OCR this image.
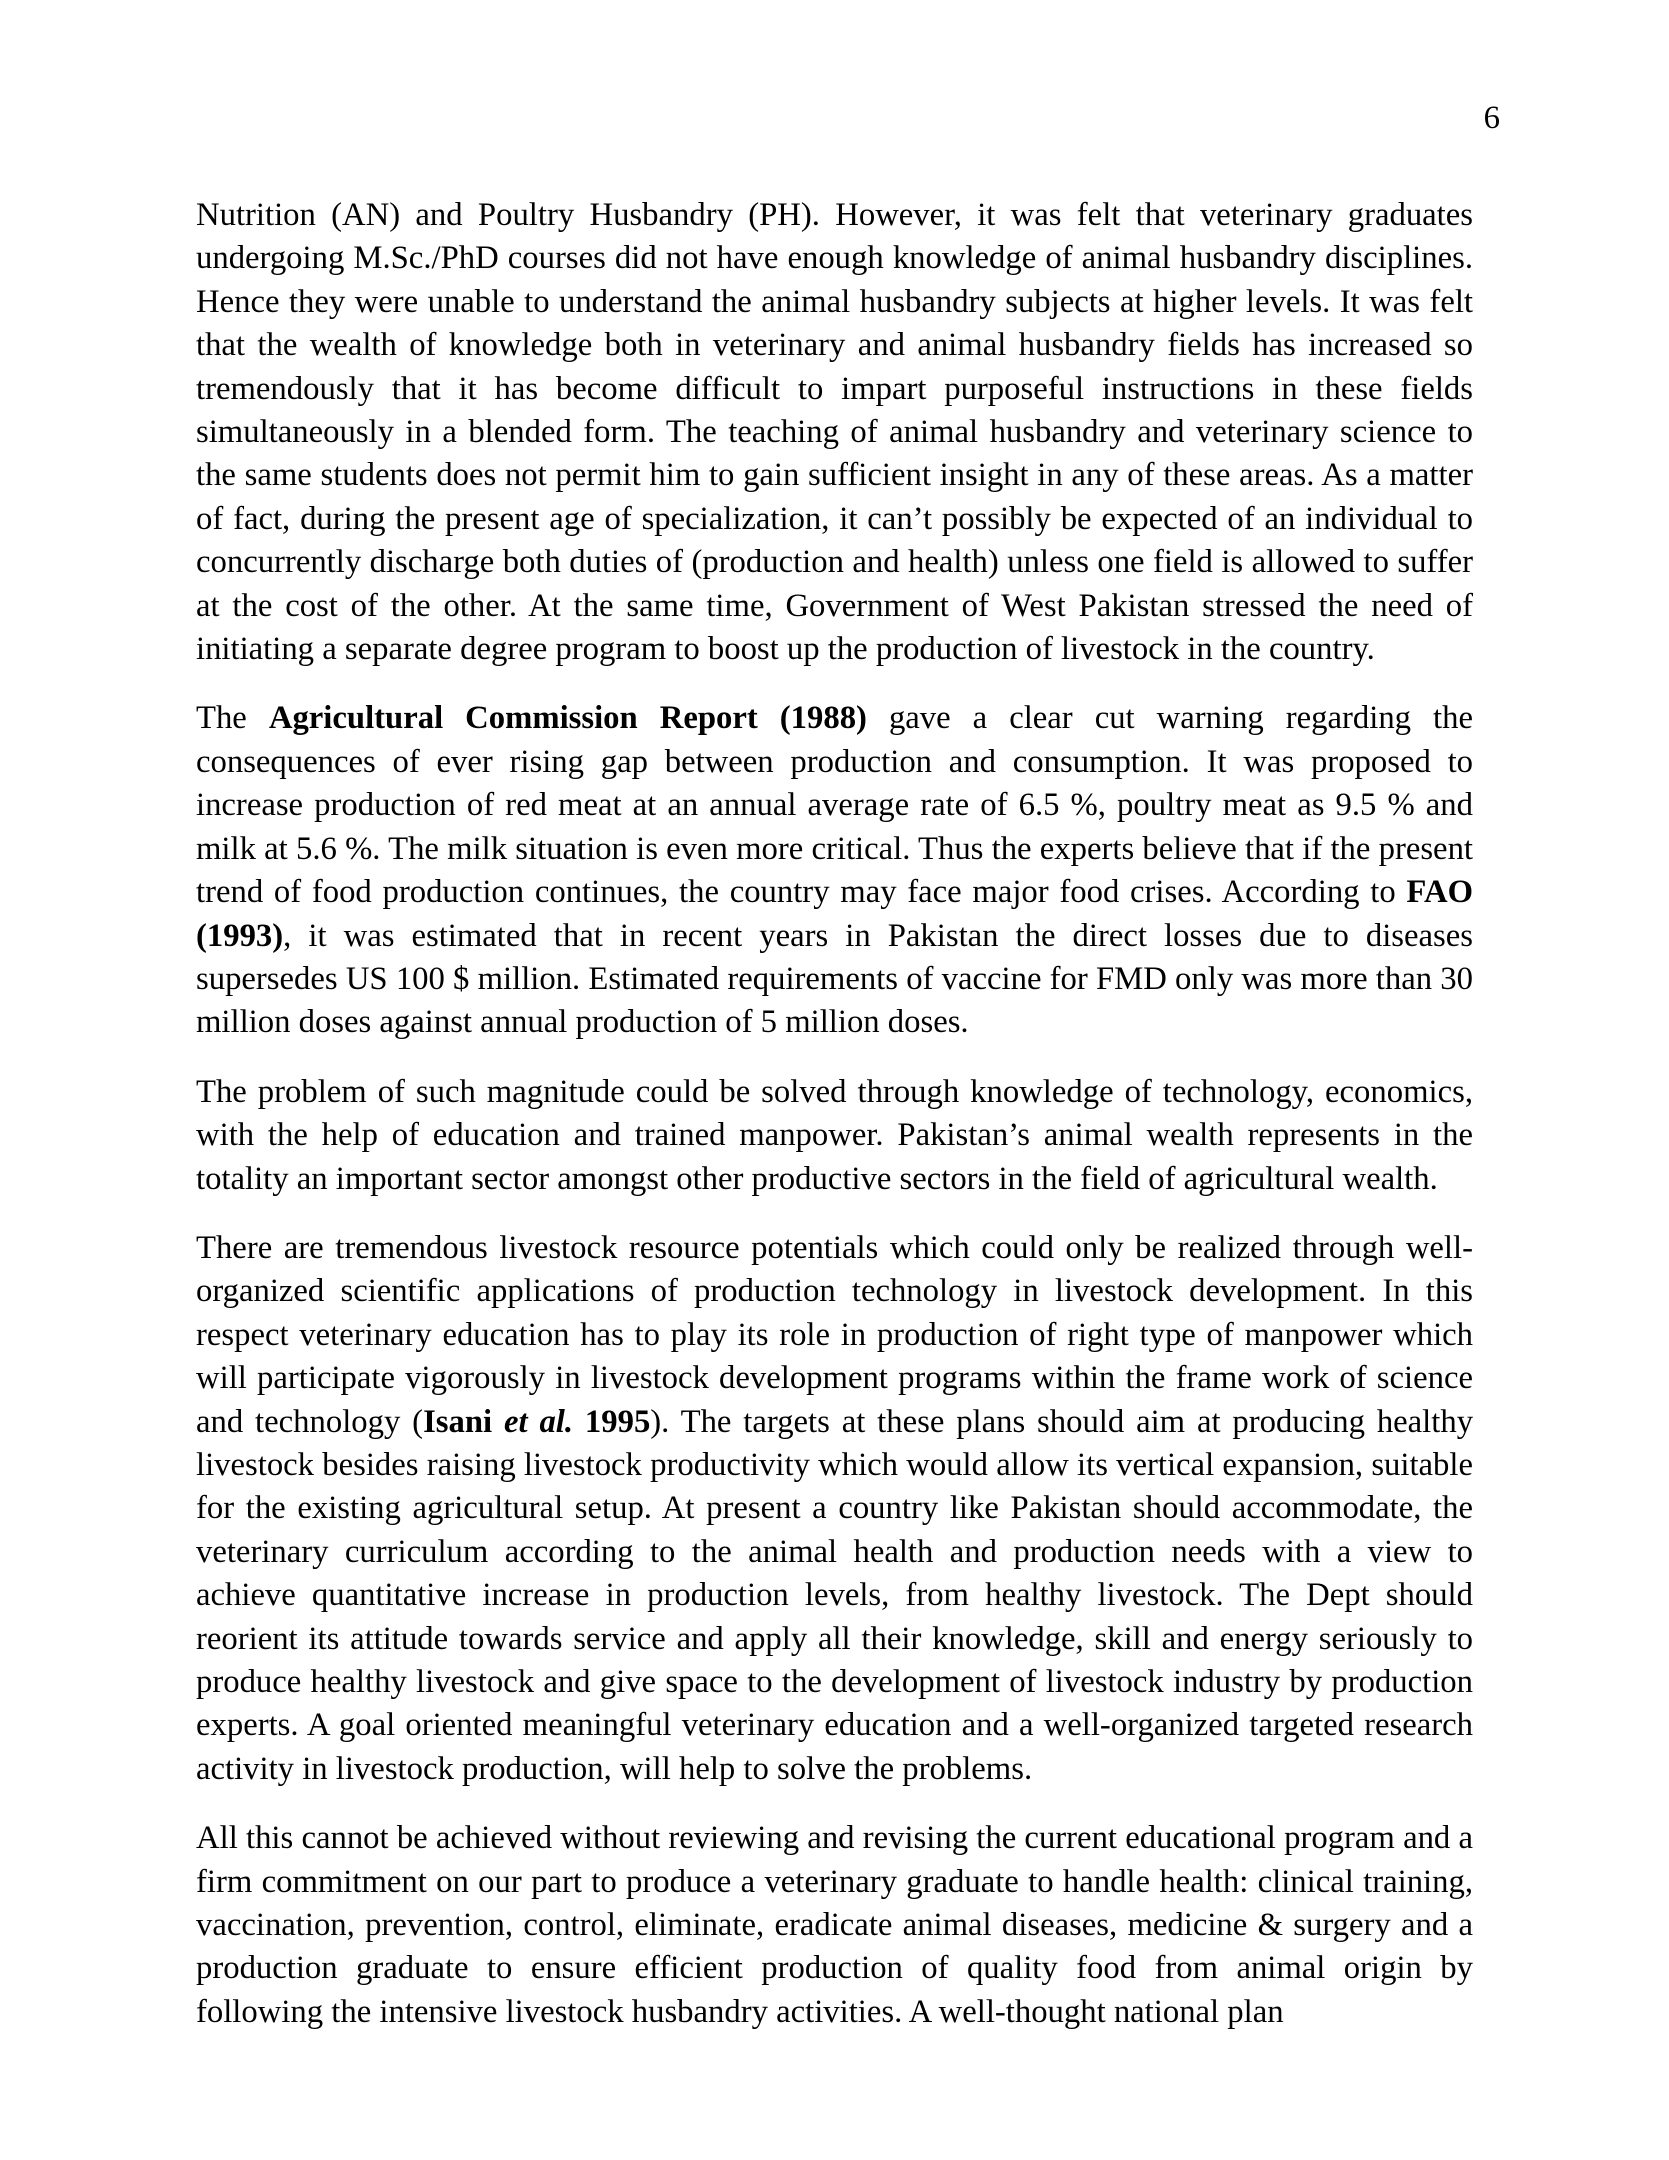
6

Nutrition (AN) and Poultry Husbandry (PH). However, it was felt that veterinary graduates undergoing M.Sc./PhD courses did not have enough knowledge of animal husbandry disciplines. Hence they were unable to understand the animal husbandry subjects at higher levels. It was felt that the wealth of knowledge both in veterinary and animal husbandry fields has increased so tremendously that it has become difficult to impart purposeful instructions in these fields simultaneously in a blended form. The teaching of animal husbandry and veterinary science to the same students does not permit him to gain sufficient insight in any of these areas. As a matter of fact, during the present age of specialization, it can’t possibly be expected of an individual to concurrently discharge both duties of (production and health) unless one field is allowed to suffer at the cost of the other. At the same time, Government of West Pakistan stressed the need of initiating a separate degree program to boost up the production of livestock in the country.

The Agricultural Commission Report (1988) gave a clear cut warning regarding the consequences of ever rising gap between production and consumption. It was proposed to increase production of red meat at an annual average rate of 6.5 %, poultry meat as 9.5 % and milk at 5.6 %. The milk situation is even more critical. Thus the experts believe that if the present trend of food production continues, the country may face major food crises. According to FAO (1993), it was estimated that in recent years in Pakistan the direct losses due to diseases supersedes US 100 $ million. Estimated requirements of vaccine for FMD only was more than 30 million doses against annual production of 5 million doses.

The problem of such magnitude could be solved through knowledge of technology, economics, with the help of education and trained manpower. Pakistan’s animal wealth represents in the totality an important sector amongst other productive sectors in the field of agricultural wealth.

There are tremendous livestock resource potentials which could only be realized through well-organized scientific applications of production technology in livestock development. In this respect veterinary education has to play its role in production of right type of manpower which will participate vigorously in livestock development programs within the frame work of science and technology (Isani et al. 1995). The targets at these plans should aim at producing healthy livestock besides raising livestock productivity which would allow its vertical expansion, suitable for the existing agricultural setup. At present a country like Pakistan should accommodate, the veterinary curriculum according to the animal health and production needs with a view to achieve quantitative increase in production levels, from healthy livestock. The Dept should reorient its attitude towards service and apply all their knowledge, skill and energy seriously to produce healthy livestock and give space to the development of livestock industry by production experts. A goal oriented meaningful veterinary education and a well-organized targeted research activity in livestock production, will help to solve the problems.

All this cannot be achieved without reviewing and revising the current educational program and a firm commitment on our part to produce a veterinary graduate to handle health: clinical training, vaccination, prevention, control, eliminate, eradicate animal diseases, medicine & surgery and a production graduate to ensure efficient production of quality food from animal origin by following the intensive livestock husbandry activities. A well-thought national plan
